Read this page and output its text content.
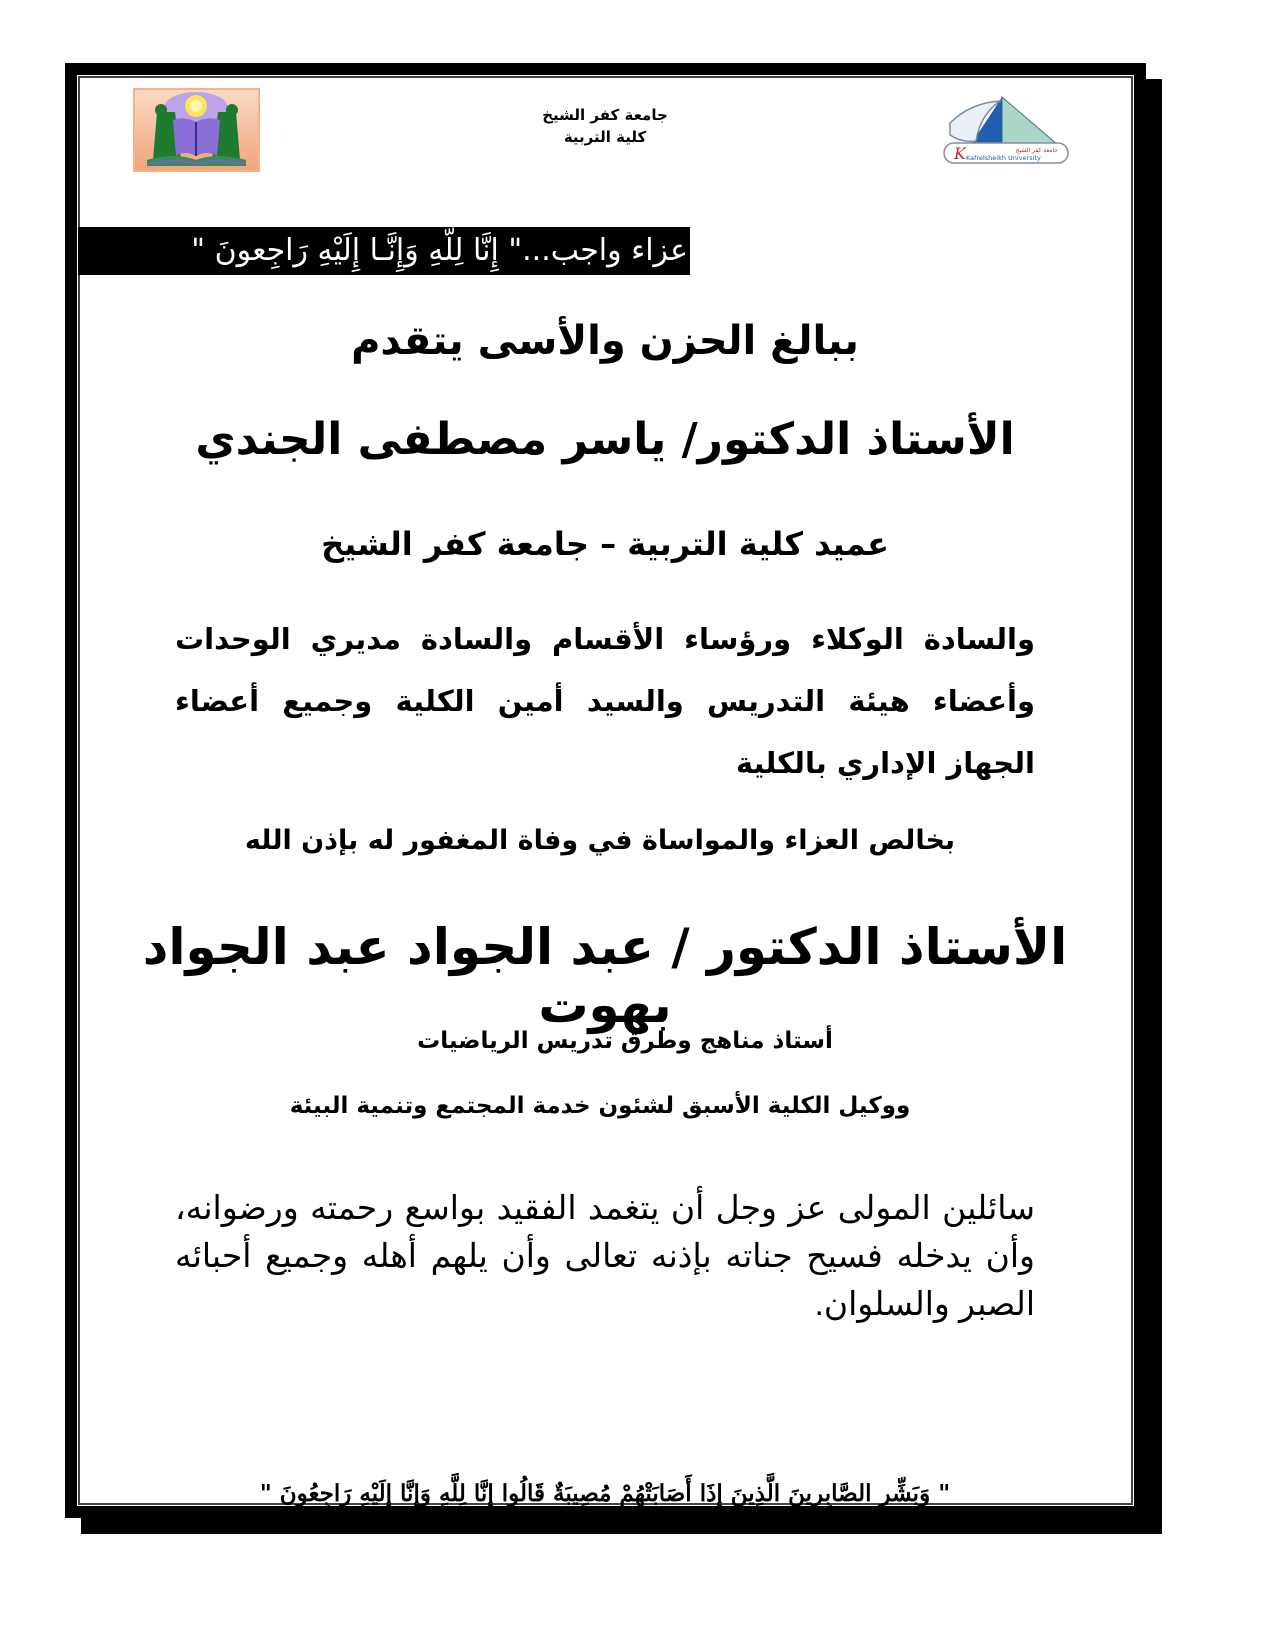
جامعة كفر الشيخ
كلية التربية
K	جامعة كفر الشيخ
Kafrelsheikh University
عزاء واجب..." إِنَّا لِلَّهِ وَإِنَّـا إِلَيْهِ رَاجِعونَ "
ببالغ الحزن والأسى يتقدم
الأستاذ الدكتور/ ياسر مصطفى الجندي
عميد كلية التربية – جامعة كفر الشيخ
والسادة الوكلاء ورؤساء الأقسام والسادة مديري الوحدات وأعضاء هيئة التدريس والسيد أمين الكلية وجميع أعضاء الجهاز الإداري بالكلية
بخالص العزاء والمواساة في وفاة المغفور له بإذن الله
الأستاذ الدكتور / عبد الجواد عبد الجواد بهوت
أستاذ مناهج وطرق تدريس الرياضيات
ووكيل الكلية الأسبق لشئون خدمة المجتمع وتنمية البيئة
سائلين المولى عز وجل أن يتغمد الفقيد بواسع رحمته ورضوانه، وأن يدخله فسيح جناته بإذنه تعالى وأن يلهم أهله وجميع أحبائه الصبر والسلوان.
" وَبَشِّرِ الصَّابِرِينَ الَّذِينَ إِذَا أَصَابَتْهُمْ مُصِيبَةٌ قَالُوا إِنَّا لِلَّهِ وَإِنَّا إِلَيْهِ رَاجِعُونَ "
